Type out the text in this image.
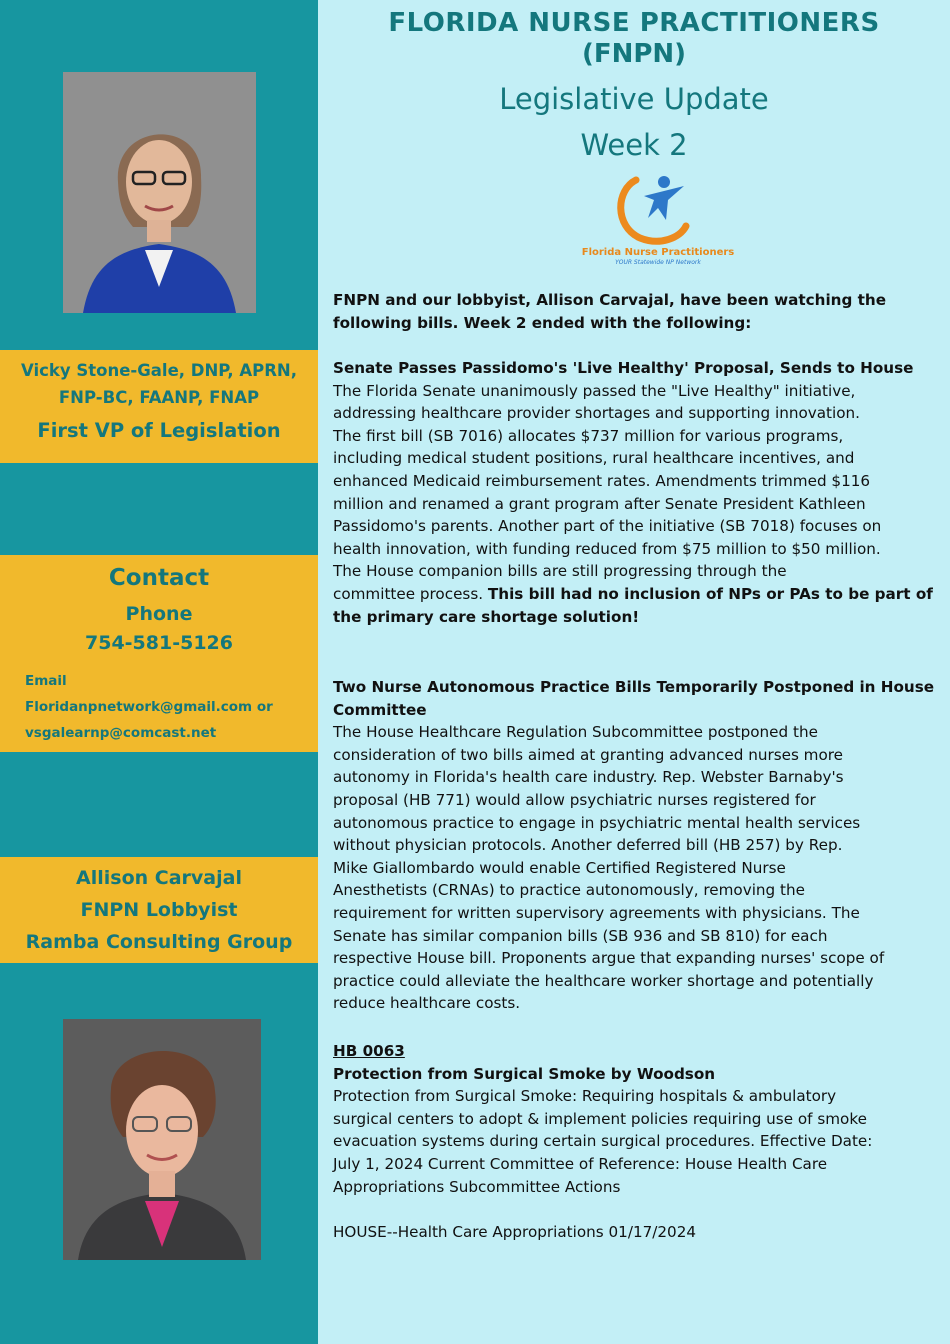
Vicky Stone-Gale, DNP, APRN,
FNP-BC, FAANP, FNAP
First VP of Legislation
Contact
Phone
754-581-5126
Email
Floridanpnetwork@gmail.com or
vsgalearnp@comcast.net
Allison Carvajal
FNPN Lobbyist
Ramba Consulting Group
FLORIDA NURSE PRACTITIONERS
(FNPN)
Legislative Update
Week 2
Florida Nurse Practitioners
YOUR Statewide NP Network
FNPN and our lobbyist, Allison Carvajal, have been watching the
following bills. Week 2 ended with the following:
Senate Passes Passidomo's 'Live Healthy' Proposal, Sends to House
The Florida Senate unanimously passed the "Live Healthy" initiative,
addressing healthcare provider shortages and supporting innovation.
The first bill (SB 7016) allocates $737 million for various programs,
including medical student positions, rural healthcare incentives, and
enhanced Medicaid reimbursement rates. Amendments trimmed $116
million and renamed a grant program after Senate President Kathleen
Passidomo's parents. Another part of the initiative (SB 7018) focuses on
health innovation, with funding reduced from $75 million to $50 million.
The House companion bills are still progressing through the
committee process. This bill had no inclusion of NPs or PAs to be part of
the primary care shortage solution!
Two Nurse Autonomous Practice Bills Temporarily Postponed in House
Committee
The House Healthcare Regulation Subcommittee postponed the
consideration of two bills aimed at granting advanced nurses more
autonomy in Florida's health care industry. Rep. Webster Barnaby's
proposal (HB 771) would allow psychiatric nurses registered for
autonomous practice to engage in psychiatric mental health services
without physician protocols. Another deferred bill (HB 257) by Rep.
Mike Giallombardo would enable Certified Registered Nurse
Anesthetists (CRNAs) to practice autonomously, removing the
requirement for written supervisory agreements with physicians. The
Senate has similar companion bills (SB 936 and SB 810) for each
respective House bill. Proponents argue that expanding nurses' scope of
practice could alleviate the healthcare worker shortage and potentially
reduce healthcare costs.
HB 0063
Protection from Surgical Smoke by Woodson
Protection from Surgical Smoke: Requiring hospitals & ambulatory
surgical centers to adopt & implement policies requiring use of smoke
evacuation systems during certain surgical procedures. Effective Date:
July 1, 2024 Current Committee of Reference: House Health Care
Appropriations Subcommittee Actions
HOUSE--Health Care Appropriations 01/17/2024
